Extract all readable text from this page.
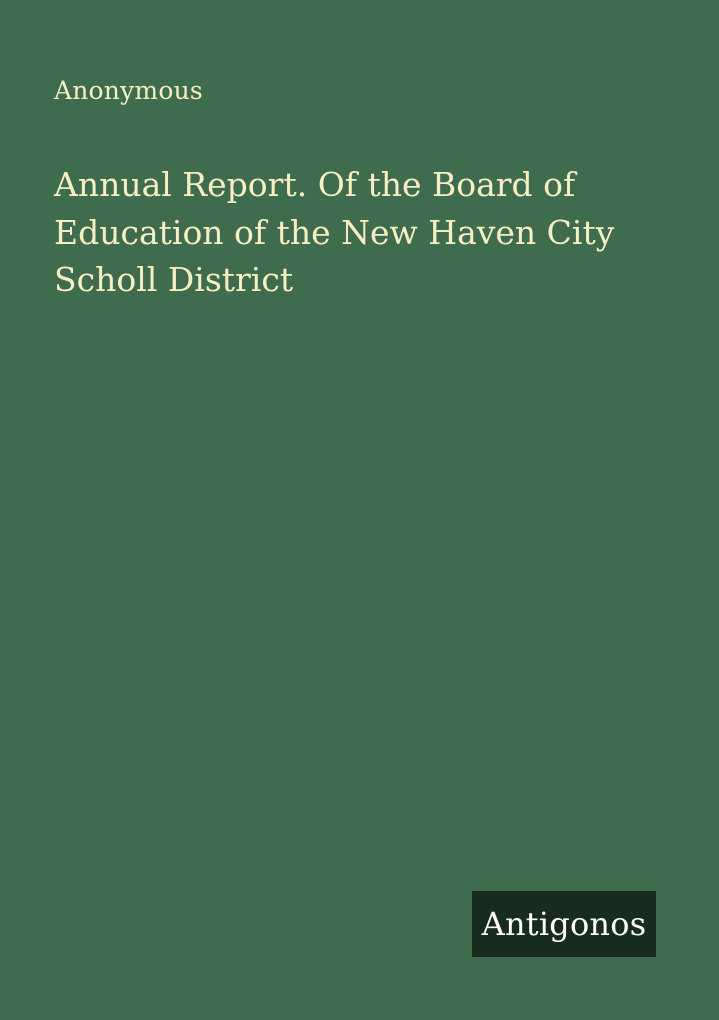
Anonymous
Annual Report. Of the Board of Education of the New Haven City Scholl District
Antigonos
